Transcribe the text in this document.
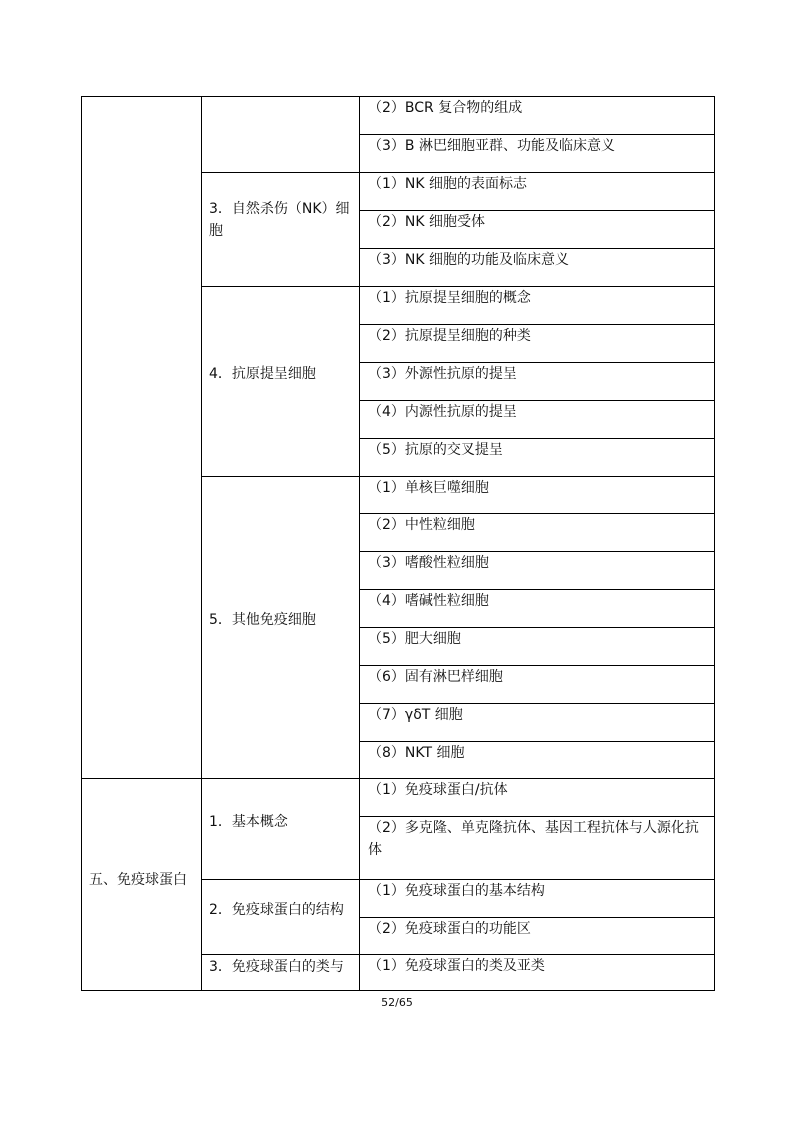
（2）BCR 复合物的组成
（3）B 淋巴细胞亚群、功能及临床意义
（1）NK 细胞的表面标志
（2）NK 细胞受体
（3）NK 细胞的功能及临床意义
（1）抗原提呈细胞的概念
（2）抗原提呈细胞的种类
（3）外源性抗原的提呈
（4）内源性抗原的提呈
（5）抗原的交叉提呈
（1）单核巨噬细胞
（2）中性粒细胞
（3）嗜酸性粒细胞
（4）嗜碱性粒细胞
（5）肥大细胞
（6）固有淋巴样细胞
（7）γδT 细胞
（8）NKT 细胞
（1）免疫球蛋白/抗体
（2）多克隆、单克隆抗体、基因工程抗体与人源化抗体
（1）免疫球蛋白的基本结构
（2）免疫球蛋白的功能区
（1）免疫球蛋白的类及亚类
3．自然杀伤（NK）细胞
4．抗原提呈细胞
5．其他免疫细胞
1．基本概念
2．免疫球蛋白的结构
3．免疫球蛋白的类与
五、免疫球蛋白
52/65
